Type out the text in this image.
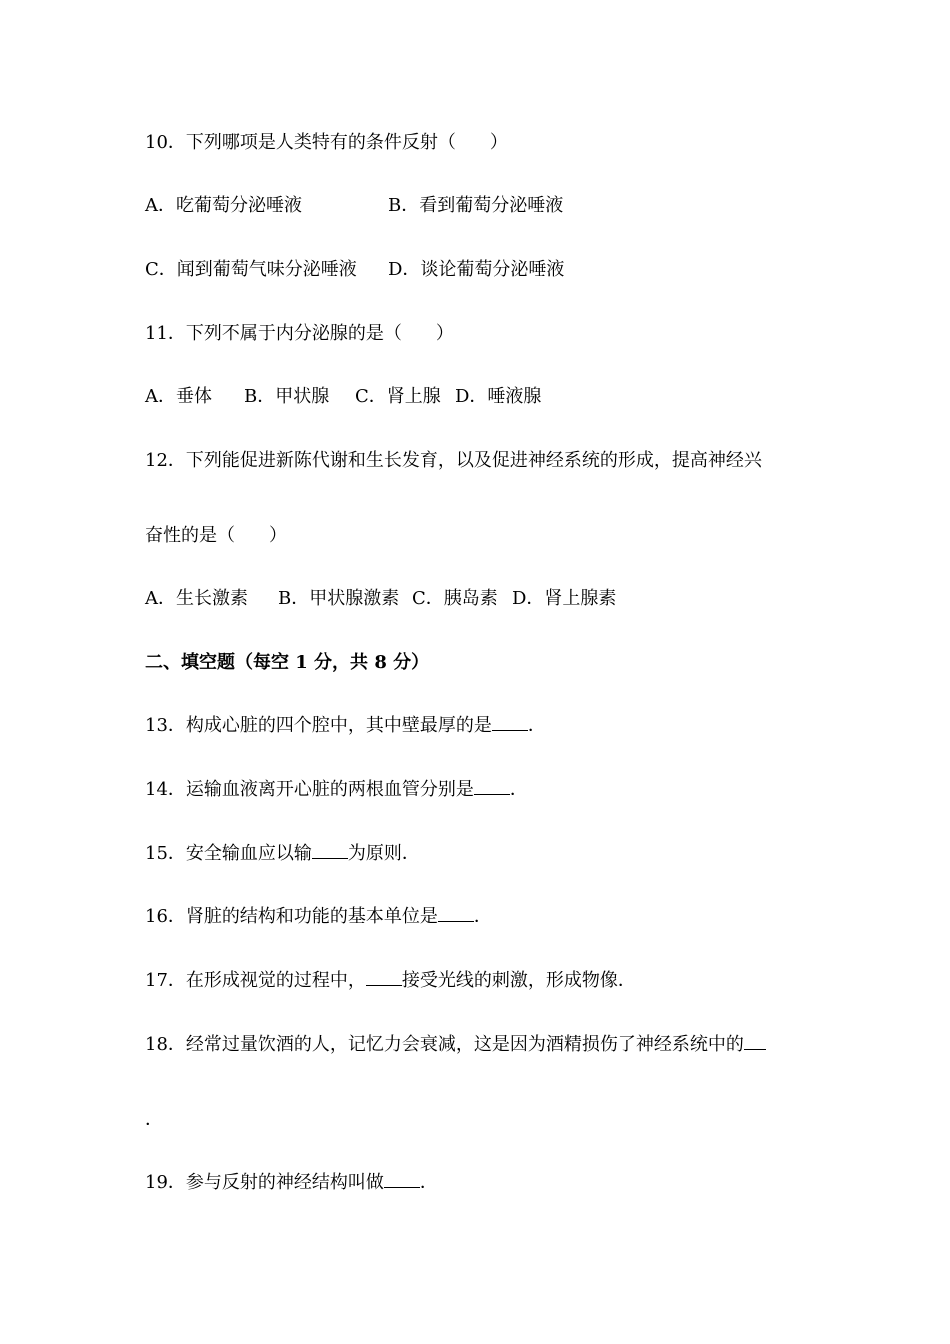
10．下列哪项是人类特有的条件反射（ ）
A．吃葡萄分泌唾液	B．看到葡萄分泌唾液
C．闻到葡萄气味分泌唾液 D．谈论葡萄分泌唾液
11．下列不属于内分泌腺的是（ ）
A．垂体 B．甲状腺 C．肾上腺 D．唾液腺
12．下列能促进新陈代谢和生长发育，以及促进神经系统的形成，提高神经兴
奋性的是（ ）
A．生长激素 B．甲状腺激素 C．胰岛素 D．肾上腺素
二、填空题（每空 1 分，共 8 分）
13．构成心脏的四个腔中，其中壁最厚的是 ．
14．运输血液离开心脏的两根血管分别是 ．
15．安全输血应以输 为原则．
16．肾脏的结构和功能的基本单位是 ．
17．在形成视觉的过程中， 接受光线的刺激，形成物像．
18．经常过量饮酒的人，记忆力会衰减，这是因为酒精损伤了神经系统中的
．
19．参与反射的神经结构叫做 ．
